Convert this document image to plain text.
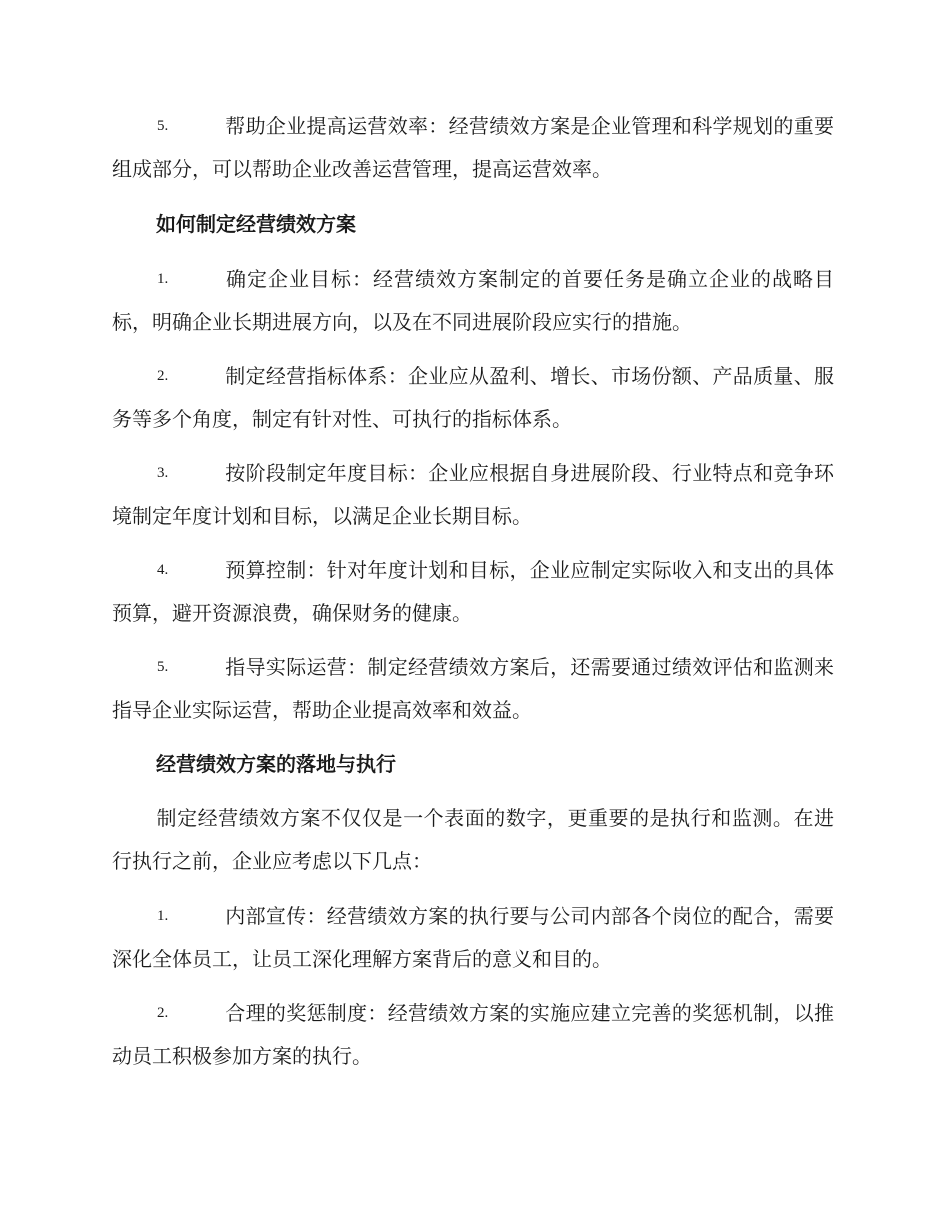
5.	帮助企业提高运营效率：经营绩效方案是企业管理和科学规划的重要组成部分，可以帮助企业改善运营管理，提高运营效率。
如何制定经营绩效方案
1.	确定企业目标：经营绩效方案制定的首要任务是确立企业的战略目标，明确企业长期进展方向，以及在不同进展阶段应实行的措施。
2.	制定经营指标体系：企业应从盈利、增长、市场份额、产品质量、服务等多个角度，制定有针对性、可执行的指标体系。
3.	按阶段制定年度目标：企业应根据自身进展阶段、行业特点和竞争环境制定年度计划和目标，以满足企业长期目标。
4.	预算控制：针对年度计划和目标，企业应制定实际收入和支出的具体预算，避开资源浪费，确保财务的健康。
5.	指导实际运营：制定经营绩效方案后，还需要通过绩效评估和监测来指导企业实际运营，帮助企业提高效率和效益。
经营绩效方案的落地与执行
制定经营绩效方案不仅仅是一个表面的数字，更重要的是执行和监测。在进行执行之前，企业应考虑以下几点：
1.	内部宣传：经营绩效方案的执行要与公司内部各个岗位的配合，需要深化全体员工，让员工深化理解方案背后的意义和目的。
2.	合理的奖惩制度：经营绩效方案的实施应建立完善的奖惩机制，以推动员工积极参加方案的执行。
